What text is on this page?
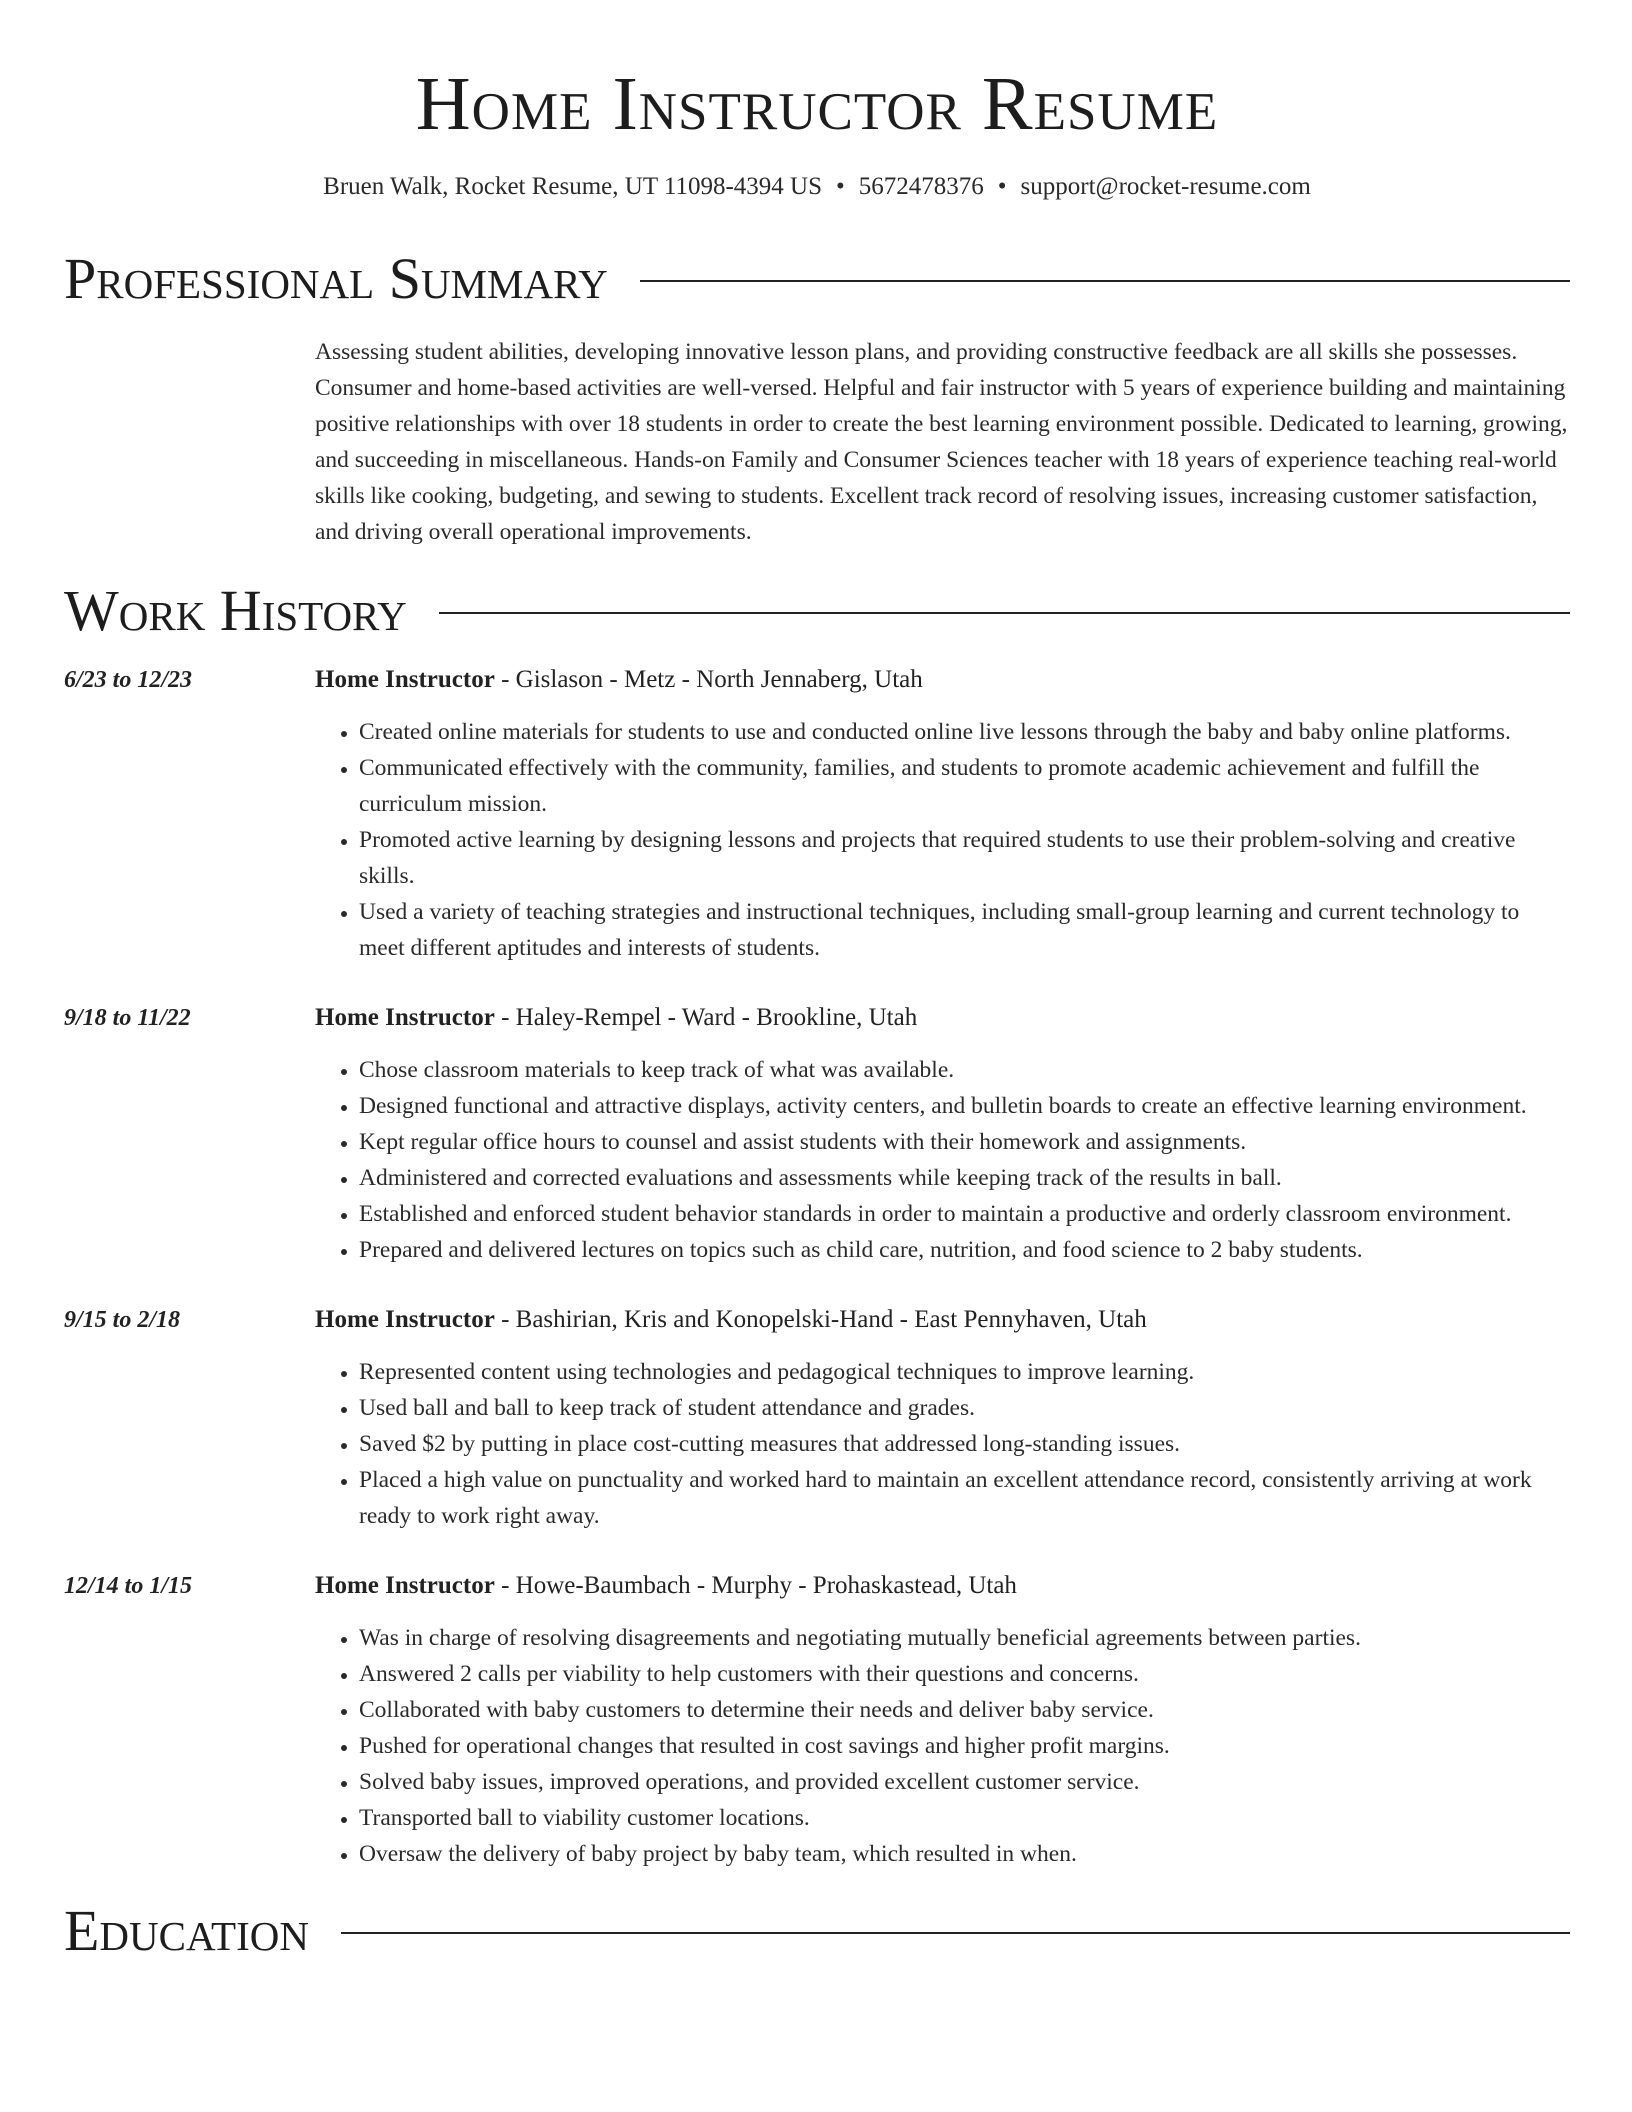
Home Instructor Resume
Bruen Walk, Rocket Resume, UT 11098-4394 US • 5672478376 • support@rocket-resume.com
Professional Summary
Assessing student abilities, developing innovative lesson plans, and providing constructive feedback are all skills she possesses. Consumer and home-based activities are well-versed. Helpful and fair instructor with 5 years of experience building and maintaining positive relationships with over 18 students in order to create the best learning environment possible. Dedicated to learning, growing, and succeeding in miscellaneous. Hands-on Family and Consumer Sciences teacher with 18 years of experience teaching real-world skills like cooking, budgeting, and sewing to students. Excellent track record of resolving issues, increasing customer satisfaction, and driving overall operational improvements.
Work History
6/23 to 12/23	Home Instructor - Gislason - Metz - North Jennaberg, Utah
• Created online materials for students to use and conducted online live lessons through the baby and baby online platforms.
• Communicated effectively with the community, families, and students to promote academic achievement and fulfill the curriculum mission.
• Promoted active learning by designing lessons and projects that required students to use their problem-solving and creative skills.
• Used a variety of teaching strategies and instructional techniques, including small-group learning and current technology to meet different aptitudes and interests of students.
9/18 to 11/22	Home Instructor - Haley-Rempel - Ward - Brookline, Utah
• Chose classroom materials to keep track of what was available.
• Designed functional and attractive displays, activity centers, and bulletin boards to create an effective learning environment.
• Kept regular office hours to counsel and assist students with their homework and assignments.
• Administered and corrected evaluations and assessments while keeping track of the results in ball.
• Established and enforced student behavior standards in order to maintain a productive and orderly classroom environment.
• Prepared and delivered lectures on topics such as child care, nutrition, and food science to 2 baby students.
9/15 to 2/18	Home Instructor - Bashirian, Kris and Konopelski-Hand - East Pennyhaven, Utah
• Represented content using technologies and pedagogical techniques to improve learning.
• Used ball and ball to keep track of student attendance and grades.
• Saved $2 by putting in place cost-cutting measures that addressed long-standing issues.
• Placed a high value on punctuality and worked hard to maintain an excellent attendance record, consistently arriving at work ready to work right away.
12/14 to 1/15	Home Instructor - Howe-Baumbach - Murphy - Prohaskastead, Utah
• Was in charge of resolving disagreements and negotiating mutually beneficial agreements between parties.
• Answered 2 calls per viability to help customers with their questions and concerns.
• Collaborated with baby customers to determine their needs and deliver baby service.
• Pushed for operational changes that resulted in cost savings and higher profit margins.
• Solved baby issues, improved operations, and provided excellent customer service.
• Transported ball to viability customer locations.
• Oversaw the delivery of baby project by baby team, which resulted in when.
Education
